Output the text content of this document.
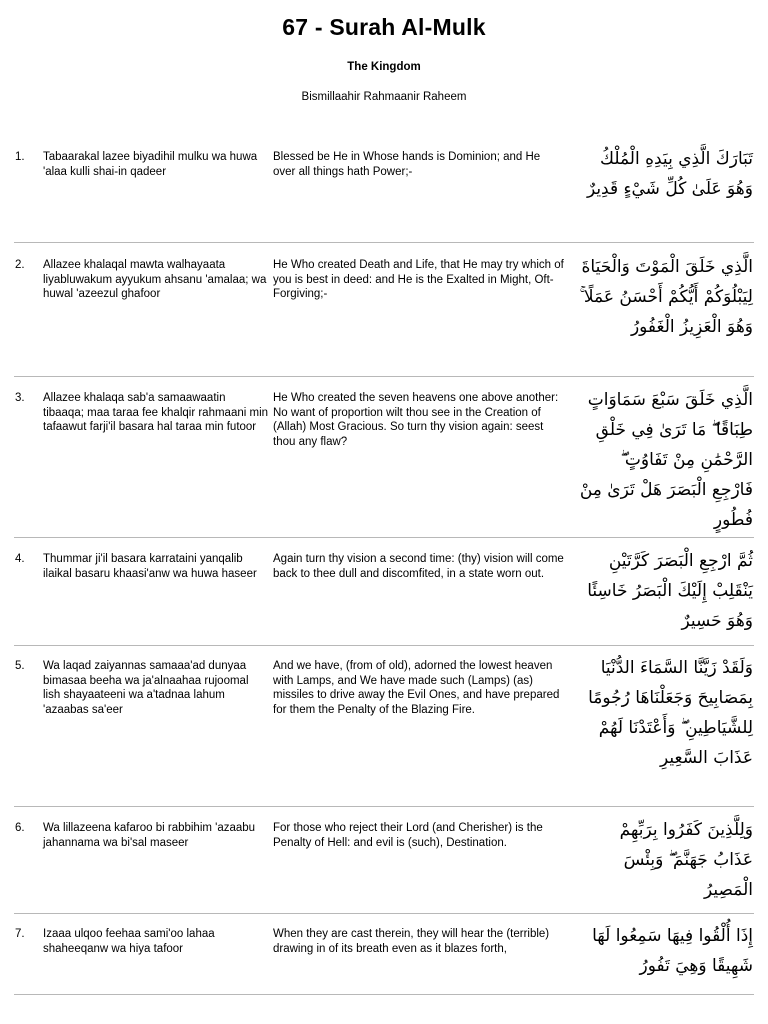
67 - Surah Al-Mulk
The Kingdom
Bismillaahir Rahmaanir Raheem
1. Tabaarakal lazee biyadihil mulku wa huwa 'alaa kulli shai-in qadeer
Blessed be He in Whose hands is Dominion; and He over all things hath Power;-
تَبَارَكَ الَّذِي بِيَدِهِ الْمُلْكُ وَهُوَ عَلَىٰ كُلِّ شَيْءٍ قَدِيرٌ
2. Allazee khalaqal mawta walhayaata liyabluwakum ayyukum ahsanu 'amalaa; wa huwal 'azeezul ghafoor
He Who created Death and Life, that He may try which of you is best in deed: and He is the Exalted in Might, Oft-Forgiving;-
الَّذِي خَلَقَ الْمَوْتَ وَالْحَيَاةَ لِيَبْلُوَكُمْ أَيُّكُمْ أَحْسَنُ عَمَلًا ۚ وَهُوَ الْعَزِيزُ الْغَفُورُ
3. Allazee khalaqa sab'a samaawaatin tibaaqa; maa taraa fee khalqir rahmaani min tafaawut farji'il basara hal taraa min futoor
He Who created the seven heavens one above another: No want of proportion wilt thou see in the Creation of (Allah) Most Gracious. So turn thy vision again: seest thou any flaw?
الَّذِي خَلَقَ سَبْعَ سَمَاوَاتٍ طِبَاقًا ۖ مَا تَرَىٰ فِي خَلْقِ الرَّحْمَٰنِ مِنْ تَفَاوُتٍ ۖ فَارْجِعِ الْبَصَرَ هَلْ تَرَىٰ مِنْ فُطُورٍ
4. Thummar ji'il basara karrataini yanqalib ilaikal basaru khaasi'anw wa huwa haseer
Again turn thy vision a second time: (thy) vision will come back to thee dull and discomfited, in a state worn out.
ثُمَّ ارْجِعِ الْبَصَرَ كَرَّتَيْنِ يَنْقَلِبْ إِلَيْكَ الْبَصَرُ خَاسِئًا وَهُوَ حَسِيرٌ
5. Wa laqad zaiyannas samaaa'ad dunyaa bimasaa beeha wa ja'alnaahaa rujoomal lish shayaateeni wa a'tadnaa lahum 'azaabas sa'eer
And we have, (from of old), adorned the lowest heaven with Lamps, and We have made such (Lamps) (as) missiles to drive away the Evil Ones, and have prepared for them the Penalty of the Blazing Fire.
وَلَقَدْ زَيَّنَّا السَّمَاءَ الدُّنْيَا بِمَصَابِيحَ وَجَعَلْنَاهَا رُجُومًا لِلشَّيَاطِينِ ۖ وَأَعْتَدْنَا لَهُمْ عَذَابَ السَّعِيرِ
6. Wa lillazeena kafaroo bi rabbihim 'azaabu jahannama wa bi'sal maseer
For those who reject their Lord (and Cherisher) is the Penalty of Hell: and evil is (such), Destination.
وَلِلَّذِينَ كَفَرُوا بِرَبِّهِمْ عَذَابُ جَهَنَّمَ ۖ وَبِئْسَ الْمَصِيرُ
7. Izaaa ulqoo feehaa sami'oo lahaa shaheeqanw wa hiya tafoor
When they are cast therein, they will hear the (terrible) drawing in of its breath even as it blazes forth,
إِذَا أُلْقُوا فِيهَا سَمِعُوا لَهَا شَهِيقًا وَهِيَ تَفُورُ
